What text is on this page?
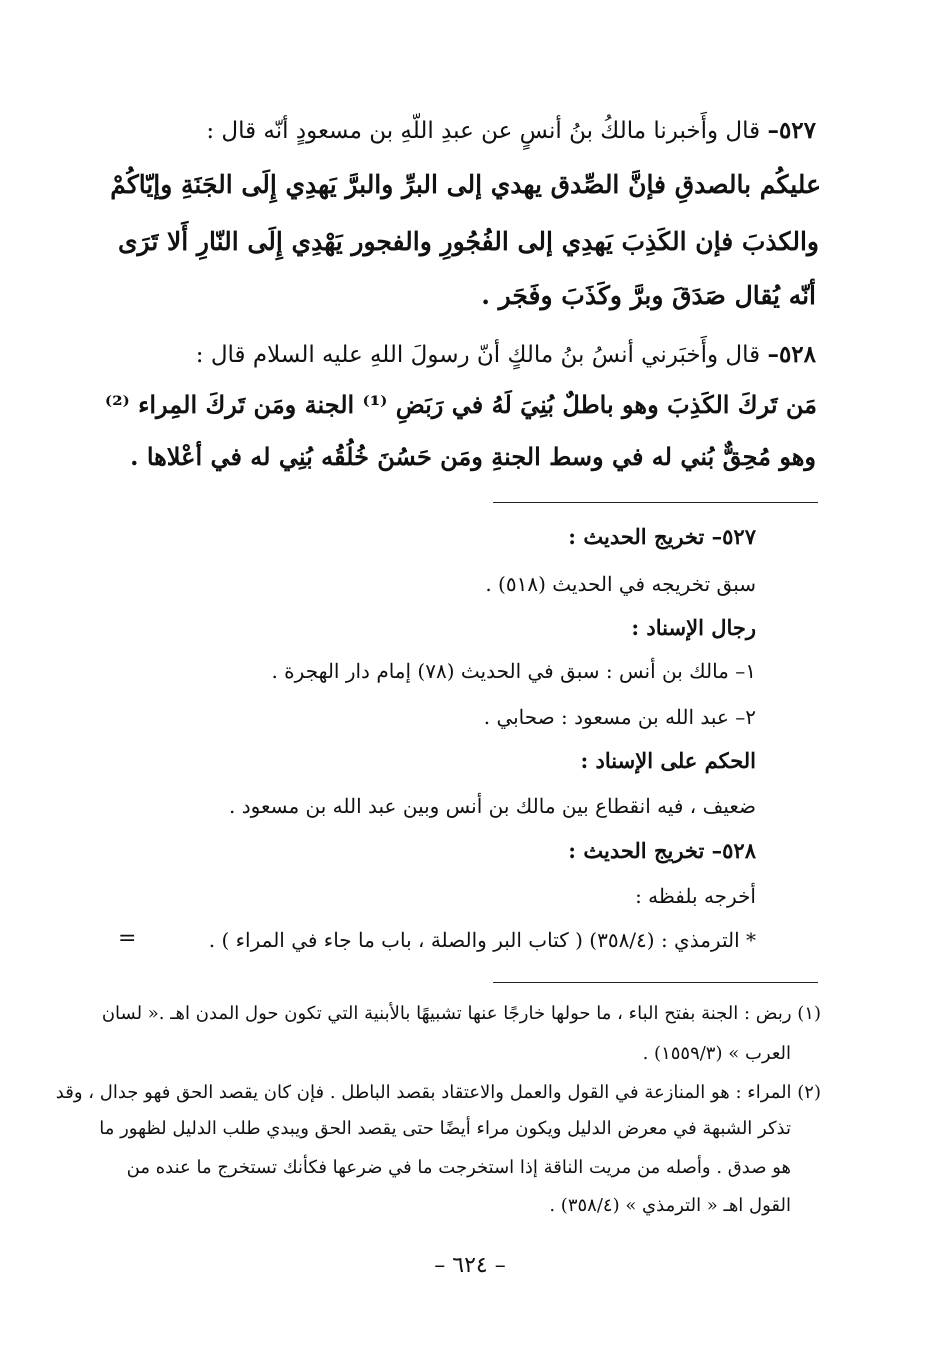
٥٢٧– قال وأَخبرنا مالكُ بنُ أنسٍ عن عبدِ اللّهِ بن مسعودٍ أنّه قال :
عليكُم بالصدقِ فإنَّ الصِّدق يهدي إلى البرِّ والبرَّ يَهدِي إِلَى الجَنَةِ وإيّاكُمْ
والكذبَ فإن الكَذِبَ يَهدِي إلى الفُجُورِ والفجور يَهْدِي إِلَى النّارِ أَلا تَرَى
أنّه يُقال صَدَقَ وبرَّ وكَذَبَ وفَجَر .
٥٢٨– قال وأَخبَرني أنسُ بنُ مالكٍ أنّ رسولَ اللهِ عليه السلام قال :
مَن تَركَ الكَذِبَ وهو باطلٌ بُنِيَ لَهُ في رَبَضِ ⁽¹⁾ الجنة ومَن تَركَ المِراء ⁽²⁾
وهو مُحِقٌّ بُني له في وسط الجنةِ ومَن حَسُنَ خُلُقُه بُنِي له في أعْلاها .
٥٢٧– تخريج الحديث :
سبق تخريجه في الحديث (٥١٨) .
رجال الإسناد :
١– مالك بن أنس : سبق في الحديث (٧٨) إمام دار الهجرة .
٢– عبد الله بن مسعود : صحابي .
الحكم على الإسناد :
ضعيف ، فيه انقطاع بين مالك بن أنس وبين عبد الله بن مسعود .
٥٢٨– تخريج الحديث :
أخرجه بلفظه :
* الترمذي : (٣٥٨/٤) ( كتاب البر والصلة ، باب ما جاء في المراء ) .
=
(١) ربض : الجنة بفتح الباء ، ما حولها خارجًا عنها تشبيهًا بالأبنية التي تكون حول المدن اهـ .« لسان
العرب » (١٥٥٩/٣) .
(٢) المراء : هو المنازعة في القول والعمل والاعتقاد بقصد الباطل . فإن كان يقصد الحق فهو جدال ، وقد
تذكر الشبهة في معرض الدليل ويكون مراء أيضًا حتى يقصد الحق ويبدي طلب الدليل لظهور ما
هو صدق . وأصله من مريت الناقة إذا استخرجت ما في ضرعها فكأنك تستخرج ما عنده من
القول اهـ « الترمذي » (٣٥٨/٤) .
– ٦٢٤ –
